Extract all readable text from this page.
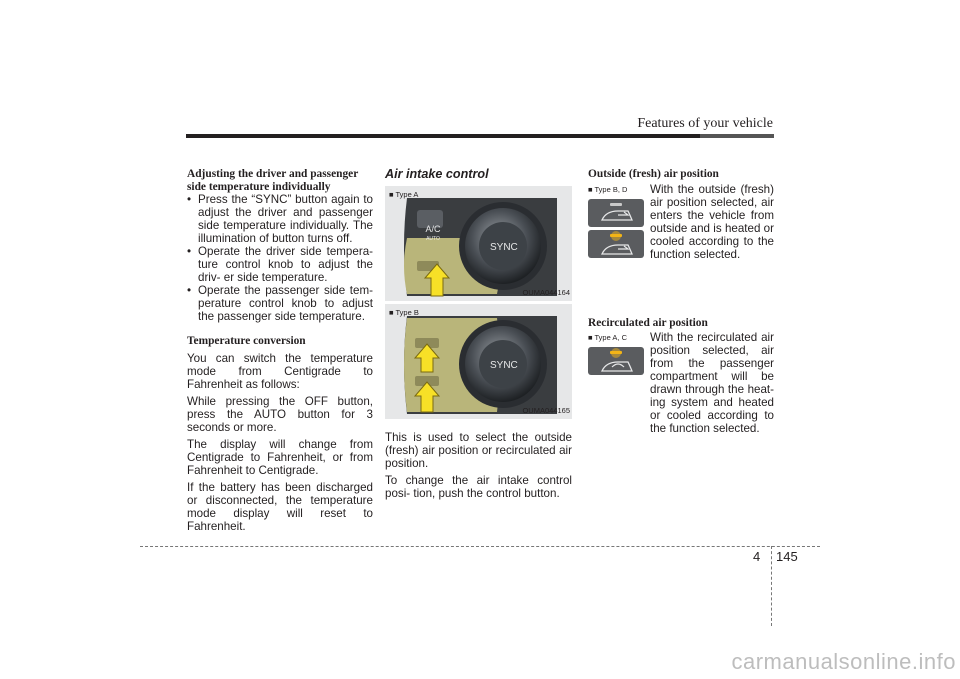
Features of your vehicle
Adjusting the driver and passenger side temperature individually
• Press the “SYNC” button again to adjust the driver and passenger side temperature individually. The illumination of button turns off.
• Operate the driver side tempera- ture control knob to adjust the driv- er side temperature.
• Operate the passenger side tem- perature control knob to adjust the passenger side temperature.
Temperature conversion

You can switch the temperature mode from Centigrade to Fahrenheit as follows:

While pressing the OFF button, press the AUTO button for 3 seconds or more.

The display will change from Centigrade to Fahrenheit, or from Fahrenheit to Centigrade.

If the battery has been discharged or disconnected, the temperature mode display will reset to Fahrenheit.

Air intake control
A/C
AUTO
SYNC
■ Type A
OUMA044164
SYNC
■ Type B
OUMA044165

This is used to select the outside (fresh) air position or recirculated air position.

To change the air intake control posi- tion, push the control button.

Outside (fresh) air position
■ Type B, D	With the outside (fresh) air position selected, air enters the vehicle from outside and is heated or cooled according to the function selected.

Recirculated air position
■ Type A, C	With the recirculated air position selected, air from the passenger compartment will be drawn through the heat- ing system and heated or cooled according to the function selected.

4 145
carmanualsonline.info
